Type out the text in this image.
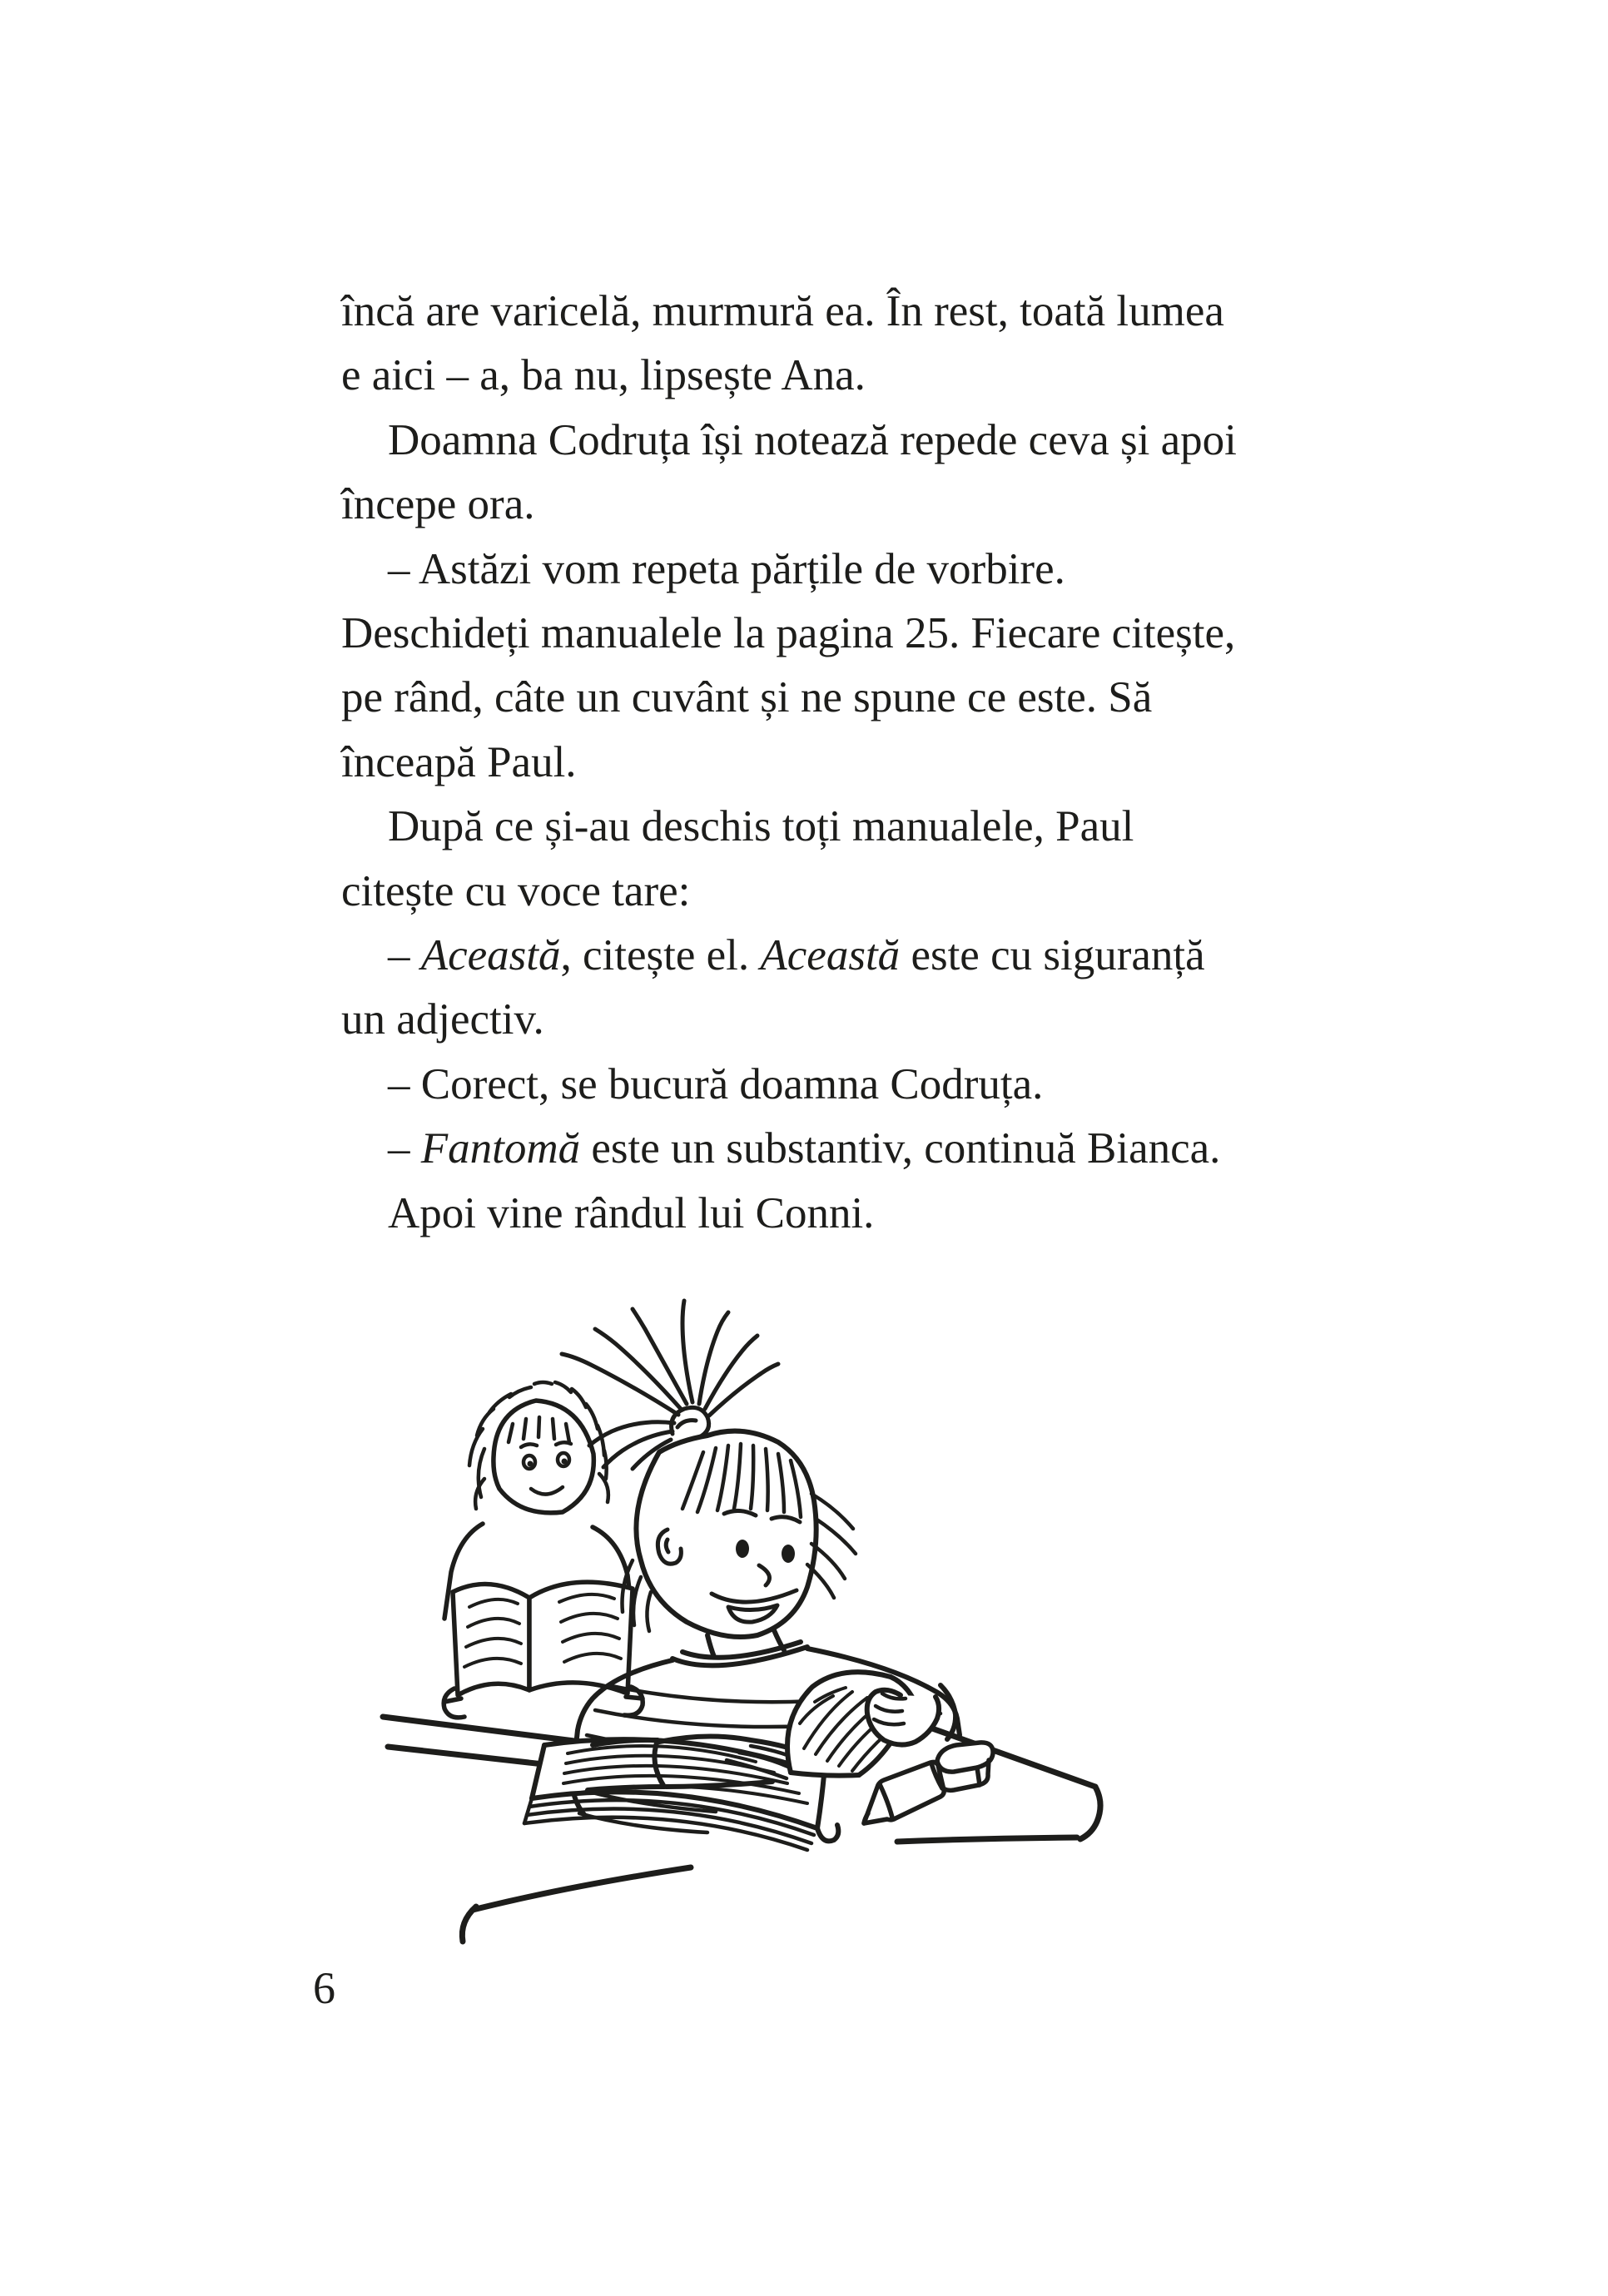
încă are varicelă, murmură ea. În rest, toată lumea
e aici – a, ba nu, lipsește Ana.
Doamna Codruța își notează repede ceva și apoi
începe ora.
– Astăzi vom repeta părțile de vorbire.
Deschideți manualele la pagina 25. Fiecare citește,
pe rând, câte un cuvânt și ne spune ce este. Să
înceapă Paul.
După ce și-au deschis toți manualele, Paul
citește cu voce tare:
– Această, citește el. Această este cu siguranță
un adjectiv.
– Corect, se bucură doamna Codruța.
– Fantomă este un substantiv, continuă Bianca.
Apoi vine rândul lui Conni.
6
